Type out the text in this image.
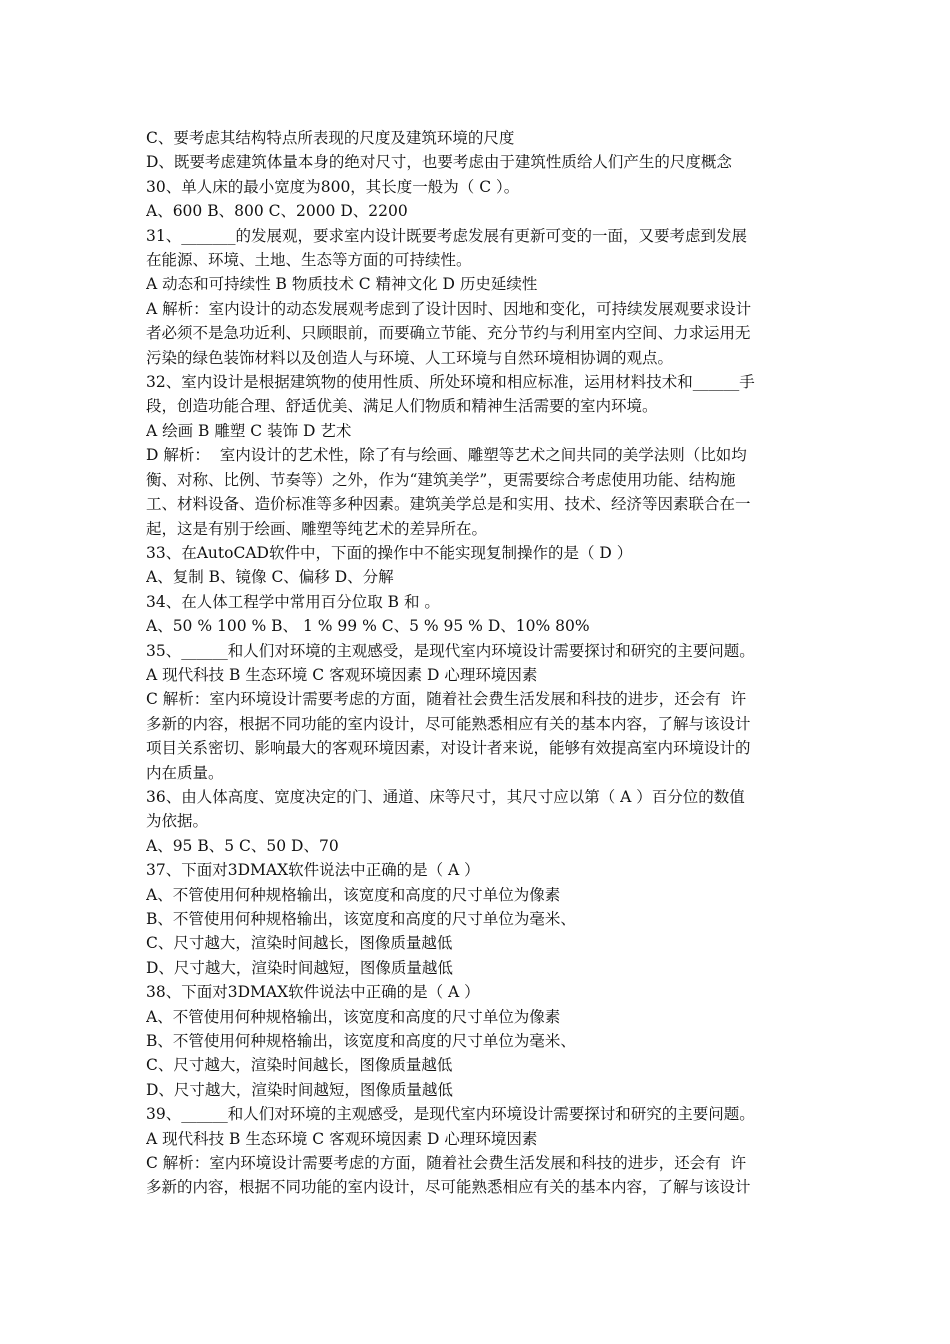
C、要考虑其结构特点所表现的尺度及建筑环境的尺度
D、既要考虑建筑体量本身的绝对尺寸，也要考虑由于建筑性质给人们产生的尺度概念
30、单人床的最小宽度为800，其长度一般为（ C ）。
A、600 B、800 C、2000 D、2200
31、_______的发展观，要求室内设计既要考虑发展有更新可变的一面，又要考虑到发展
在能源、环境、土地、生态等方面的可持续性。
A 动态和可持续性 B 物质技术 C 精神文化 D 历史延续性
A 解析：室内设计的动态发展观考虑到了设计因时、因地和变化，可持续发展观要求设计
者必须不是急功近利、只顾眼前，而要确立节能、充分节约与利用室内空间、力求运用无
污染的绿色装饰材料以及创造人与环境、人工环境与自然环境相协调的观点。
32、室内设计是根据建筑物的使用性质、所处环境和相应标准，运用材料技术和______手
段，创造功能合理、舒适优美、满足人们物质和精神生活需要的室内环境。
A 绘画 B 雕塑 C 装饰 D 艺术
D 解析：  室内设计的艺术性，除了有与绘画、雕塑等艺术之间共同的美学法则（比如均
衡、对称、比例、节奏等）之外，作为“建筑美学”，更需要综合考虑使用功能、结构施
工、材料设备、造价标准等多种因素。建筑美学总是和实用、技术、经济等因素联合在一
起，这是有别于绘画、雕塑等纯艺术的差异所在。
33、在AutoCAD软件中，下面的操作中不能实现复制操作的是（ D ）
A、复制 B、镜像 C、偏移 D、分解
34、在人体工程学中常用百分位取 B 和 。
A、50 % 100 % B、 1 % 99 % C、5 % 95 % D、10% 80%
35、______和人们对环境的主观感受，是现代室内环境设计需要探讨和研究的主要问题。
A 现代科技 B 生态环境 C 客观环境因素 D 心理环境因素
C 解析：室内环境设计需要考虑的方面，随着社会费生活发展和科技的进步，还会有  许
多新的内容，根据不同功能的室内设计，尽可能熟悉相应有关的基本内容，了解与该设计
项目关系密切、影响最大的客观环境因素，对设计者来说，能够有效提高室内环境设计的
内在质量。
36、由人体高度、宽度决定的门、通道、床等尺寸，其尺寸应以第（ A ）百分位的数值
为依据。
A、95 B、5 C、50 D、70
37、下面对3DMAX软件说法中正确的是（ A ）
A、不管使用何种规格输出，该宽度和高度的尺寸单位为像素
B、不管使用何种规格输出，该宽度和高度的尺寸单位为毫米、
C、尺寸越大，渲染时间越长，图像质量越低
D、尺寸越大，渲染时间越短，图像质量越低
38、下面对3DMAX软件说法中正确的是（ A ）
A、不管使用何种规格输出，该宽度和高度的尺寸单位为像素
B、不管使用何种规格输出，该宽度和高度的尺寸单位为毫米、
C、尺寸越大，渲染时间越长，图像质量越低
D、尺寸越大，渲染时间越短，图像质量越低
39、______和人们对环境的主观感受，是现代室内环境设计需要探讨和研究的主要问题。
A 现代科技 B 生态环境 C 客观环境因素 D 心理环境因素
C 解析：室内环境设计需要考虑的方面，随着社会费生活发展和科技的进步，还会有  许
多新的内容，根据不同功能的室内设计，尽可能熟悉相应有关的基本内容，了解与该设计
